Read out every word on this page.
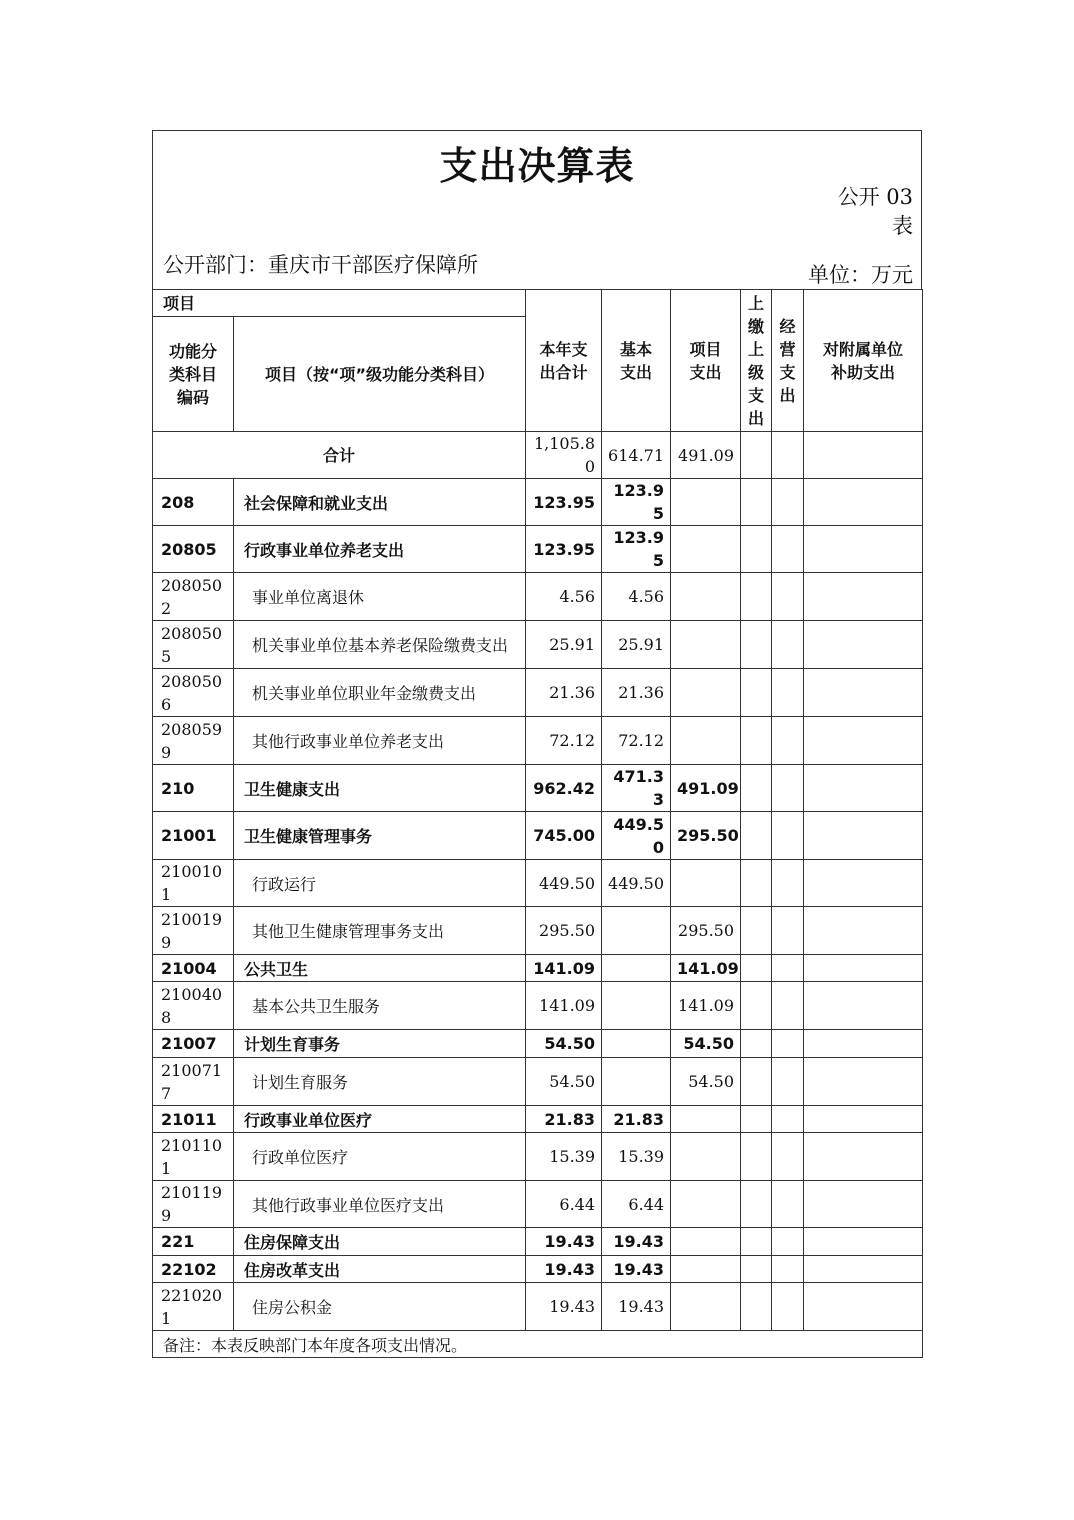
支出决算表
公开 03 表
公开部门：重庆市干部医疗保障所	单位：万元
项目		本年支出合计	基本支出	项目支出	上缴上级支出	经营支出	对附属单位补助支出

功能分类科目编码	项目（按“项”级功能分类科目）						
合计		1,105.80	614.71	491.09			
208	社会保障和就业支出	123.95	123.95				
20805	行政事业单位养老支出	123.95	123.95				
2080502	事业单位离退休	4.56	4.56				
2080505	机关事业单位基本养老保险缴费支出	25.91	25.91				
2080506	机关事业单位职业年金缴费支出	21.36	21.36				
2080599	其他行政事业单位养老支出	72.12	72.12				
210	卫生健康支出	962.42	471.33	491.09			
21001	卫生健康管理事务	745.00	449.50	295.50			
2100101	行政运行	449.50	449.50				
2100199	其他卫生健康管理事务支出	295.50		295.50			
21004	公共卫生	141.09		141.09			
2100408	基本公共卫生服务	141.09		141.09			
21007	计划生育事务	54.50		54.50			
2100717	计划生育服务	54.50		54.50			
21011	行政事业单位医疗	21.83	21.83				
2101101	行政单位医疗	15.39	15.39				
2101199	其他行政事业单位医疗支出	6.44	6.44				
221	住房保障支出	19.43	19.43				
22102	住房改革支出	19.43	19.43				
2210201	住房公积金	19.43	19.43				
备注：本表反映部门本年度各项支出情况。							
